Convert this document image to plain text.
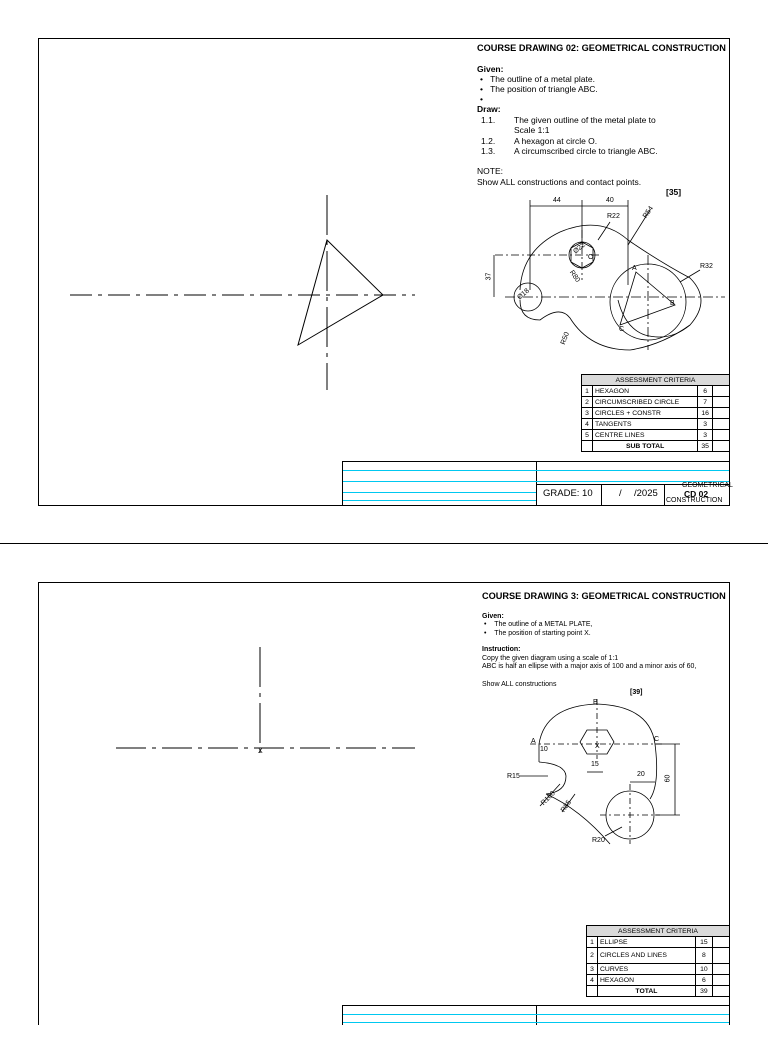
COURSE DRAWING 02: GEOMETRICAL CONSTRUCTION
Given:
•   The outline of a metal plate.
•   The position of triangle ABC.
•
Draw:
1.1. The given outline of the metal plate to
Scale 1:1
1.2. A hexagon at circle O.
1.3. A circumscribed circle to triangle ABC.
NOTE:
Show ALL constructions and contact points.
[35]
44	40
R22	R54
R32
R80
R50
37
Ø22
Ø18
O
A
B
C
ASSESSMENT CRITERIA			
1	HEXAGON	6	
2	CIRCUMSCRIBED CIRCLE	7	
3	CIRCLES + CONSTR	16	
4	TANGENTS	3	
5	CENTRE LINES	3	
	SUB TOTAL	35	
GRADE: 10	/ /2025
GEOMETRICAL
CD 02
CONSTRUCTION
X
COURSE DRAWING 3: GEOMETRICAL CONSTRUCTION
Given:
•    The outline of a METAL PLATE,
•    The position of starting point X.
Instruction:
Copy the given diagram using a scale of 1:1
ABC is half an ellipse with a major axis of 100 and a minor axis of 60,
Show ALL constructions
[39]
B
A	C
X
10
15
20
60
R15
R100 R85
R20
ASSESSMENT CRITERIA			
1	ELLIPSE	15	
2	CIRCLES AND LINES	8	
3	CURVES	10	
4	HEXAGON	6	
	TOTAL	39	
